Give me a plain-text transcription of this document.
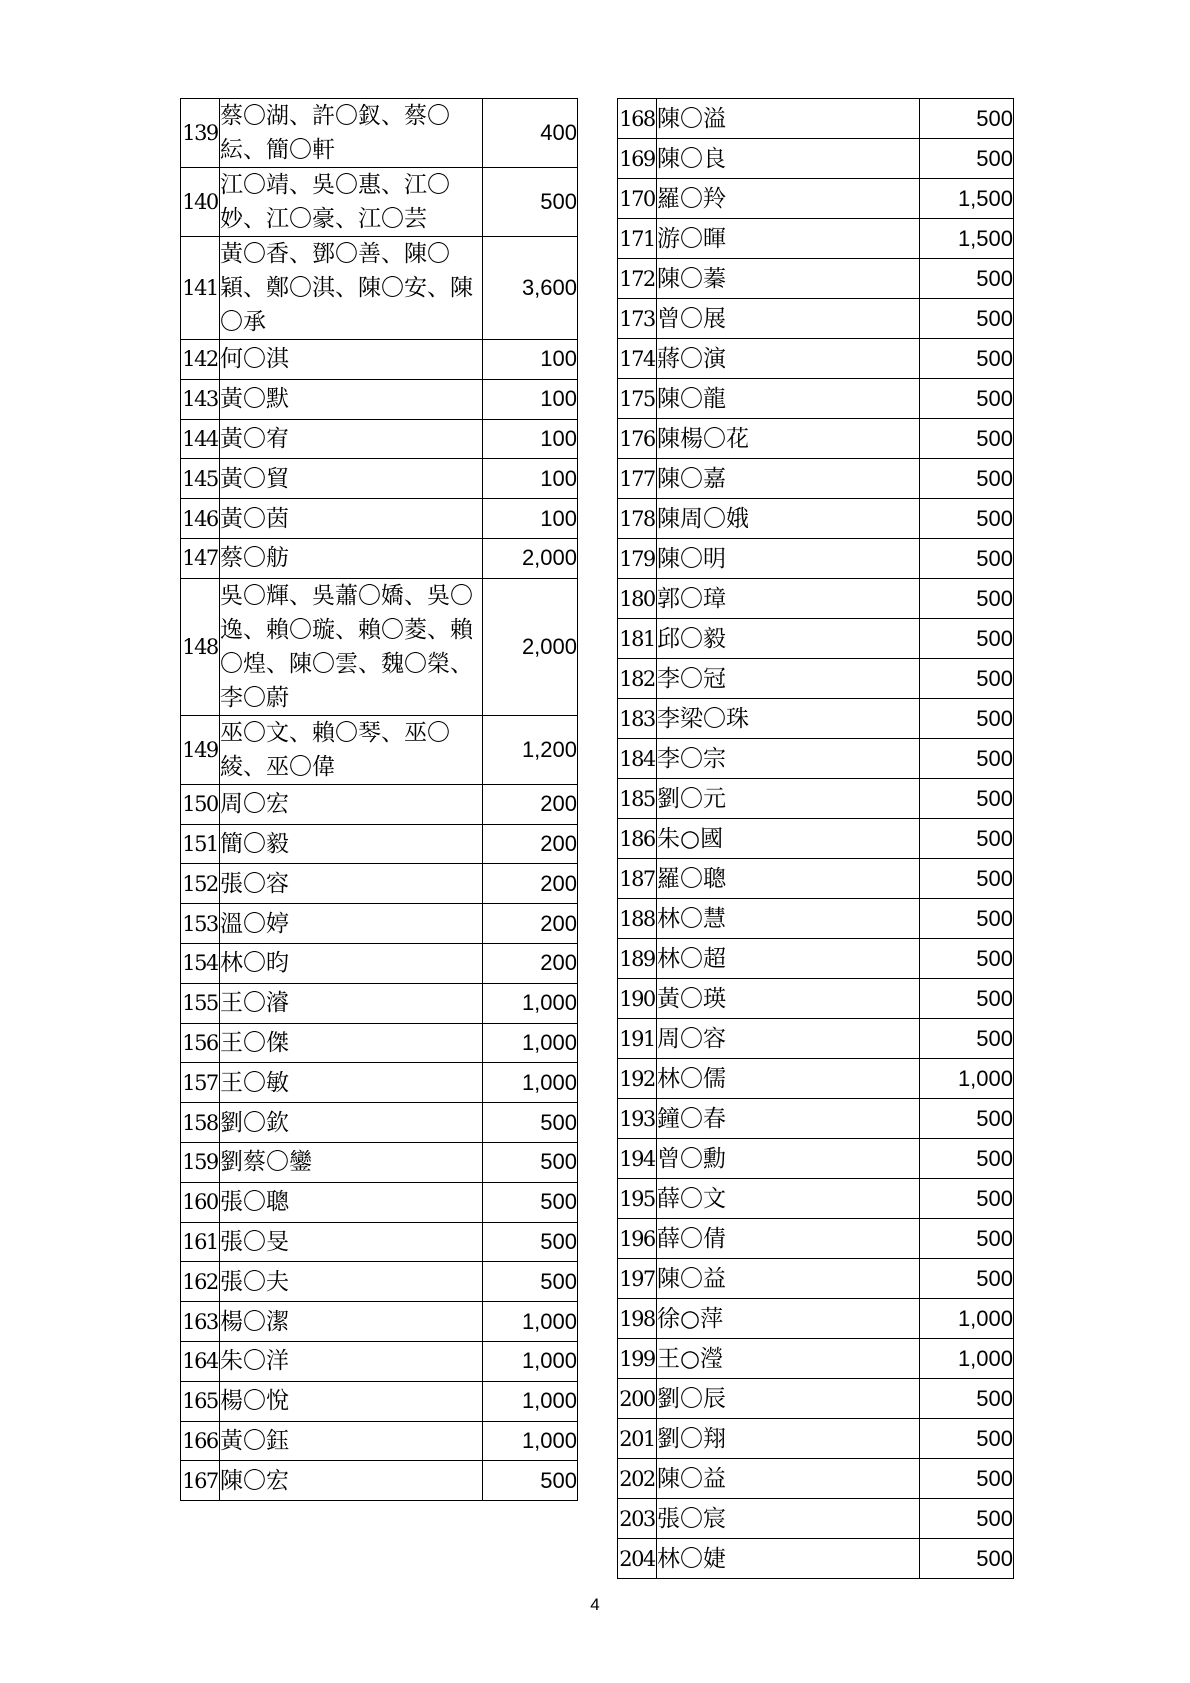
139	蔡〇湖、許〇釵、蔡〇紜、簡〇軒	400
140	江〇靖、吳〇惠、江〇妙、江〇豪、江〇芸	500
141	黃〇香、鄧〇善、陳〇穎、鄭〇淇、陳〇安、陳〇承	3,600
142	何〇淇	100
143	黃〇默	100
144	黃〇宥	100
145	黃〇貿	100
146	黃〇茵	100
147	蔡〇舫	2,000
148	吳〇輝、吳蕭〇嬌、吳〇逸、賴〇璇、賴〇菱、賴〇煌、陳〇雲、魏〇榮、李〇蔚	2,000
149	巫〇文、賴〇琴、巫〇綾、巫〇偉	1,200
150	周〇宏	200
151	簡〇毅	200
152	張〇容	200
153	溫〇婷	200
154	林〇昀	200
155	王〇濬	1,000
156	王〇傑	1,000
157	王〇敏	1,000
158	劉〇欽	500
159	劉蔡〇鑾	500
160	張〇聰	500
161	張〇旻	500
162	張〇夫	500
163	楊〇潔	1,000
164	朱〇洋	1,000
165	楊〇悅	1,000
166	黃〇鈺	1,000
167	陳〇宏	500
168	陳〇溢	500
169	陳〇良	500
170	羅〇羚	1,500
171	游〇暉	1,500
172	陳〇蓁	500
173	曾〇展	500
174	蔣〇演	500
175	陳〇龍	500
176	陳楊〇花	500
177	陳〇嘉	500
178	陳周〇娥	500
179	陳〇明	500
180	郭〇璋	500
181	邱〇毅	500
182	李〇冠	500
183	李梁〇珠	500
184	李〇宗	500
185	劉〇元	500
186	朱○國	500
187	羅〇聰	500
188	林〇慧	500
189	林〇超	500
190	黃〇瑛	500
191	周〇容	500
192	林〇儒	1,000
193	鐘〇春	500
194	曾〇勳	500
195	薛〇文	500
196	薛〇倩	500
197	陳〇益	500
198	徐○萍	1,000
199	王○瀅	1,000
200	劉〇辰	500
201	劉〇翔	500
202	陳〇益	500
203	張〇宸	500
204	林〇婕	500
4
